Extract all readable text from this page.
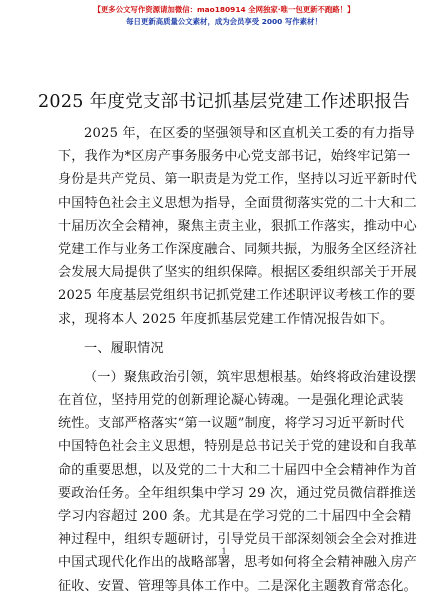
【更多公文写作资源请加微信：mao180914 全网独家·唯一包更新不跑路！】
每日更新高质量公文素材，成为会员享受 2000 写作素材！
2025 年度党支部书记抓基层党建工作述职报告
2025 年，在区委的坚强领导和区直机关工委的有力指导
下，我作为*区房产事务服务中心党支部书记，始终牢记第一
身份是共产党员、第一职责是为党工作，坚持以习近平新时代
中国特色社会主义思想为指导，全面贯彻落实党的二十大和二
十届历次全会精神，聚焦主责主业，狠抓工作落实，推动中心
党建工作与业务工作深度融合、同频共振，为服务全区经济社
会发展大局提供了坚实的组织保障。根据区委组织部关于开展
2025 年度基层党组织书记抓党建工作述职评议考核工作的要
求，现将本人 2025 年度抓基层党建工作情况报告如下。
一、履职情况
（一）聚焦政治引领，筑牢思想根基。始终将政治建设摆
在首位，坚持用党的创新理论凝心铸魂。一是强化理论武装
统性。支部严格落实“第一议题”制度，将学习习近平新时代
中国特色社会主义思想，特别是总书记关于党的建设和自我革
命的重要思想，以及党的二十大和二十届四中全会精神作为首
要政治任务。全年组织集中学习 29 次，通过党员微信群推送
学习内容超过 200 条。尤其是在学习党的二十届四中全会精
神过程中，组织专题研讨，引导党员干部深刻领会全会对推进
中国式现代化作出的战略部署，思考如何将全会精神融入房产
征收、安置、管理等具体工作中。二是深化主题教育常态化。
1
